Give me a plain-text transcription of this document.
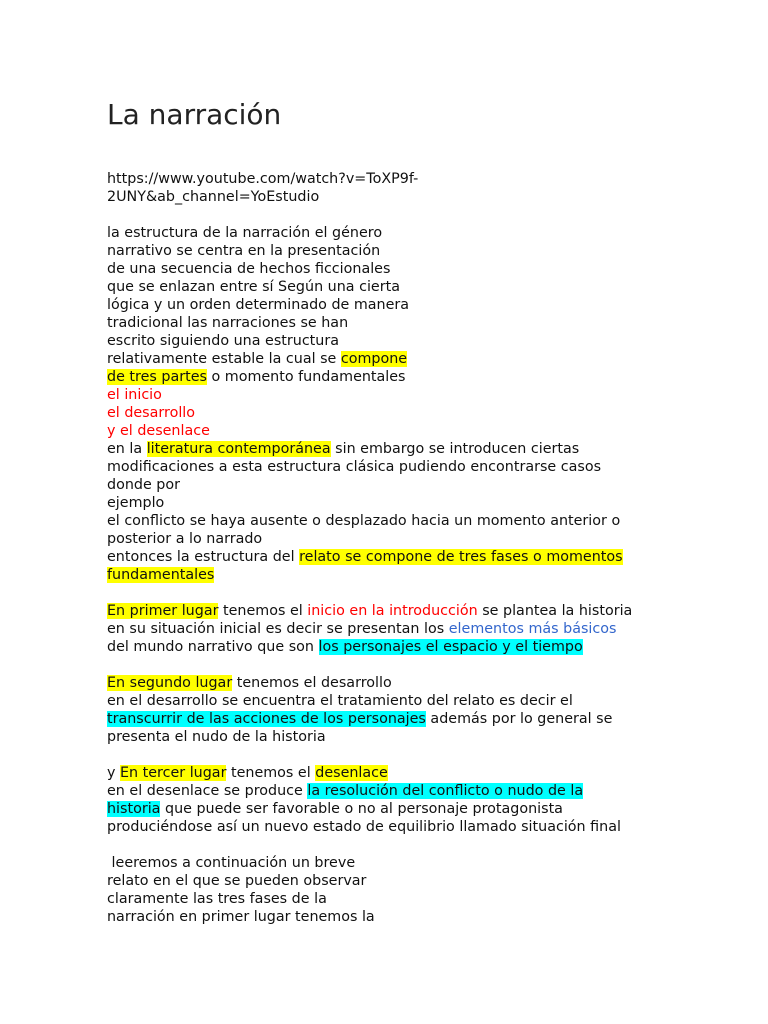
La narración
https://www.youtube.com/watch?v=ToXP9f-
2UNY&ab_channel=YoEstudio
la estructura de la narración el género
narrativo se centra en la presentación
de una secuencia de hechos ficcionales
que se enlazan entre sí Según una cierta
lógica y un orden determinado de manera
tradicional las narraciones se han
escrito siguiendo una estructura
relativamente estable la cual se compone
de tres partes o momento fundamentales
el inicio
el desarrollo
y el desenlace
en la literatura contemporánea sin embargo se introducen ciertas
modificaciones a esta estructura clásica pudiendo encontrarse casos
donde por
ejemplo
el conflicto se haya ausente o desplazado hacia un momento anterior o
posterior a lo narrado
entonces la estructura del relato se compone de tres fases o momentos
fundamentales
En primer lugar tenemos el inicio en la introducción se plantea la historia
en su situación inicial es decir se presentan los elementos más básicos
del mundo narrativo que son los personajes el espacio y el tiempo
En segundo lugar tenemos el desarrollo
en el desarrollo se encuentra el tratamiento del relato es decir el
transcurrir de las acciones de los personajes además por lo general se
presenta el nudo de la historia
y En tercer lugar tenemos el desenlace
en el desenlace se produce la resolución del conflicto o nudo de la
historia que puede ser favorable o no al personaje protagonista
produciéndose así un nuevo estado de equilibrio llamado situación final
leeremos a continuación un breve
relato en el que se pueden observar
claramente las tres fases de la
narración en primer lugar tenemos la
